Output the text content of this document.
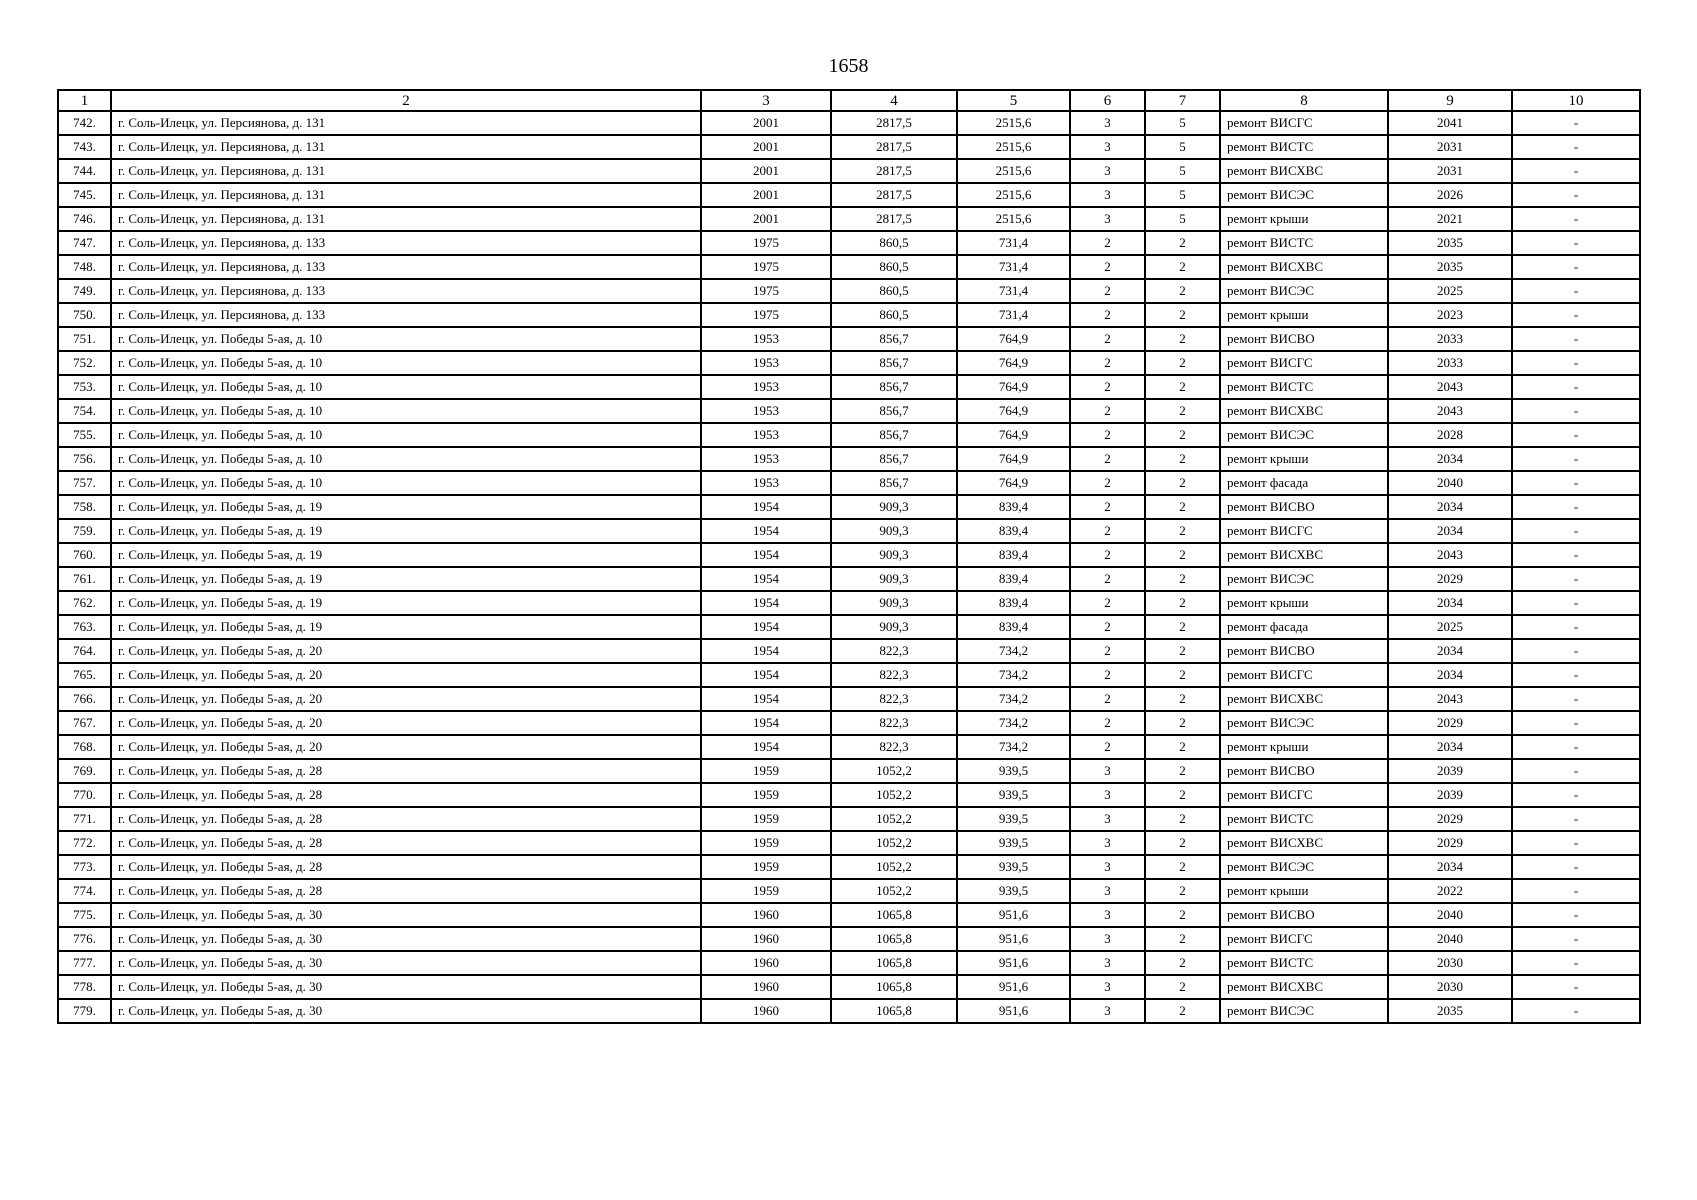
1658
1	2	3	4	5	6	7	8	9	10
742.	г. Соль-Илецк, ул. Персиянова, д. 131	2001	2817,5	2515,6	3	5	ремонт ВИСГС	2041	-
743.	г. Соль-Илецк, ул. Персиянова, д. 131	2001	2817,5	2515,6	3	5	ремонт ВИСТС	2031	-
744.	г. Соль-Илецк, ул. Персиянова, д. 131	2001	2817,5	2515,6	3	5	ремонт ВИСХВС	2031	-
745.	г. Соль-Илецк, ул. Персиянова, д. 131	2001	2817,5	2515,6	3	5	ремонт ВИСЭС	2026	-
746.	г. Соль-Илецк, ул. Персиянова, д. 131	2001	2817,5	2515,6	3	5	ремонт крыши	2021	-
747.	г. Соль-Илецк, ул. Персиянова, д. 133	1975	860,5	731,4	2	2	ремонт ВИСТС	2035	-
748.	г. Соль-Илецк, ул. Персиянова, д. 133	1975	860,5	731,4	2	2	ремонт ВИСХВС	2035	-
749.	г. Соль-Илецк, ул. Персиянова, д. 133	1975	860,5	731,4	2	2	ремонт ВИСЭС	2025	-
750.	г. Соль-Илецк, ул. Персиянова, д. 133	1975	860,5	731,4	2	2	ремонт крыши	2023	-
751.	г. Соль-Илецк, ул. Победы 5-ая, д. 10	1953	856,7	764,9	2	2	ремонт ВИСВО	2033	-
752.	г. Соль-Илецк, ул. Победы 5-ая, д. 10	1953	856,7	764,9	2	2	ремонт ВИСГС	2033	-
753.	г. Соль-Илецк, ул. Победы 5-ая, д. 10	1953	856,7	764,9	2	2	ремонт ВИСТС	2043	-
754.	г. Соль-Илецк, ул. Победы 5-ая, д. 10	1953	856,7	764,9	2	2	ремонт ВИСХВС	2043	-
755.	г. Соль-Илецк, ул. Победы 5-ая, д. 10	1953	856,7	764,9	2	2	ремонт ВИСЭС	2028	-
756.	г. Соль-Илецк, ул. Победы 5-ая, д. 10	1953	856,7	764,9	2	2	ремонт крыши	2034	-
757.	г. Соль-Илецк, ул. Победы 5-ая, д. 10	1953	856,7	764,9	2	2	ремонт фасада	2040	-
758.	г. Соль-Илецк, ул. Победы 5-ая, д. 19	1954	909,3	839,4	2	2	ремонт ВИСВО	2034	-
759.	г. Соль-Илецк, ул. Победы 5-ая, д. 19	1954	909,3	839,4	2	2	ремонт ВИСГС	2034	-
760.	г. Соль-Илецк, ул. Победы 5-ая, д. 19	1954	909,3	839,4	2	2	ремонт ВИСХВС	2043	-
761.	г. Соль-Илецк, ул. Победы 5-ая, д. 19	1954	909,3	839,4	2	2	ремонт ВИСЭС	2029	-
762.	г. Соль-Илецк, ул. Победы 5-ая, д. 19	1954	909,3	839,4	2	2	ремонт крыши	2034	-
763.	г. Соль-Илецк, ул. Победы 5-ая, д. 19	1954	909,3	839,4	2	2	ремонт фасада	2025	-
764.	г. Соль-Илецк, ул. Победы 5-ая, д. 20	1954	822,3	734,2	2	2	ремонт ВИСВО	2034	-
765.	г. Соль-Илецк, ул. Победы 5-ая, д. 20	1954	822,3	734,2	2	2	ремонт ВИСГС	2034	-
766.	г. Соль-Илецк, ул. Победы 5-ая, д. 20	1954	822,3	734,2	2	2	ремонт ВИСХВС	2043	-
767.	г. Соль-Илецк, ул. Победы 5-ая, д. 20	1954	822,3	734,2	2	2	ремонт ВИСЭС	2029	-
768.	г. Соль-Илецк, ул. Победы 5-ая, д. 20	1954	822,3	734,2	2	2	ремонт крыши	2034	-
769.	г. Соль-Илецк, ул. Победы 5-ая, д. 28	1959	1052,2	939,5	3	2	ремонт ВИСВО	2039	-
770.	г. Соль-Илецк, ул. Победы 5-ая, д. 28	1959	1052,2	939,5	3	2	ремонт ВИСГС	2039	-
771.	г. Соль-Илецк, ул. Победы 5-ая, д. 28	1959	1052,2	939,5	3	2	ремонт ВИСТС	2029	-
772.	г. Соль-Илецк, ул. Победы 5-ая, д. 28	1959	1052,2	939,5	3	2	ремонт ВИСХВС	2029	-
773.	г. Соль-Илецк, ул. Победы 5-ая, д. 28	1959	1052,2	939,5	3	2	ремонт ВИСЭС	2034	-
774.	г. Соль-Илецк, ул. Победы 5-ая, д. 28	1959	1052,2	939,5	3	2	ремонт крыши	2022	-
775.	г. Соль-Илецк, ул. Победы 5-ая, д. 30	1960	1065,8	951,6	3	2	ремонт ВИСВО	2040	-
776.	г. Соль-Илецк, ул. Победы 5-ая, д. 30	1960	1065,8	951,6	3	2	ремонт ВИСГС	2040	-
777.	г. Соль-Илецк, ул. Победы 5-ая, д. 30	1960	1065,8	951,6	3	2	ремонт ВИСТС	2030	-
778.	г. Соль-Илецк, ул. Победы 5-ая, д. 30	1960	1065,8	951,6	3	2	ремонт ВИСХВС	2030	-
779.	г. Соль-Илецк, ул. Победы 5-ая, д. 30	1960	1065,8	951,6	3	2	ремонт ВИСЭС	2035	-
